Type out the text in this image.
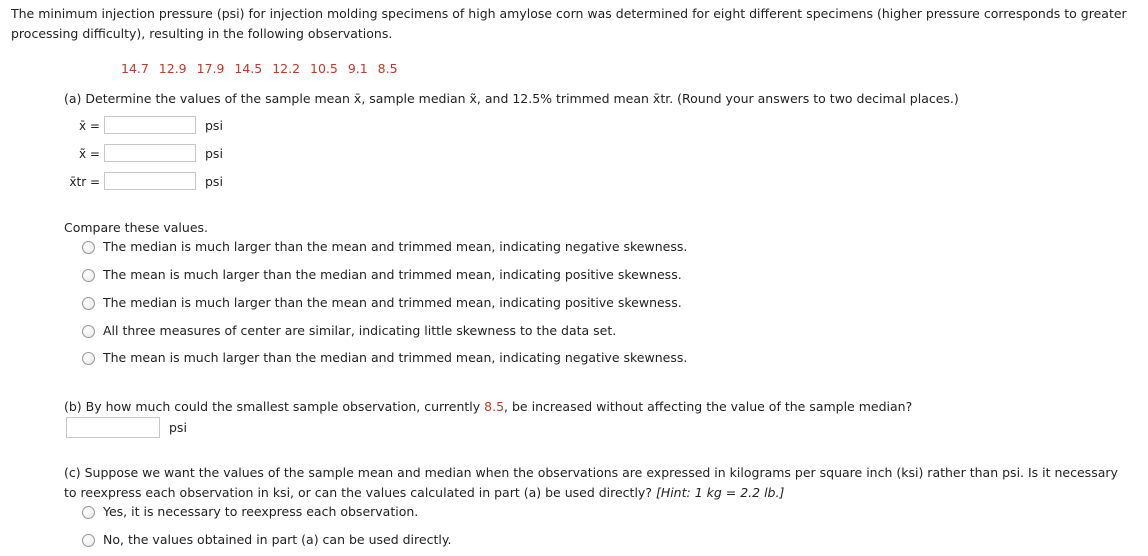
The minimum injection pressure (psi) for injection molding specimens of high amylose corn was determined for eight different specimens (higher pressure corresponds to greater processing difficulty), resulting in the following observations.
14.7 12.9 17.9 14.5 12.2 10.5 9.1 8.5
(a) Determine the values of the sample mean x̄, sample median x̃, and 12.5% trimmed mean x̄tr. (Round your answers to two decimal places.)
x̄ =	psi
x̃ =	psi
x̄tr =	psi
Compare these values.
The median is much larger than the mean and trimmed mean, indicating negative skewness.
The mean is much larger than the median and trimmed mean, indicating positive skewness.
The median is much larger than the mean and trimmed mean, indicating positive skewness.
All three measures of center are similar, indicating little skewness to the data set.
The mean is much larger than the median and trimmed mean, indicating negative skewness.
(b) By how much could the smallest sample observation, currently 8.5, be increased without affecting the value of the sample median?
psi
(c) Suppose we want the values of the sample mean and median when the observations are expressed in kilograms per square inch (ksi) rather than psi. Is it necessary to reexpress each observation in ksi, or can the values calculated in part (a) be used directly? [Hint: 1 kg = 2.2 lb.]
Yes, it is necessary to reexpress each observation.
No, the values obtained in part (a) can be used directly.
